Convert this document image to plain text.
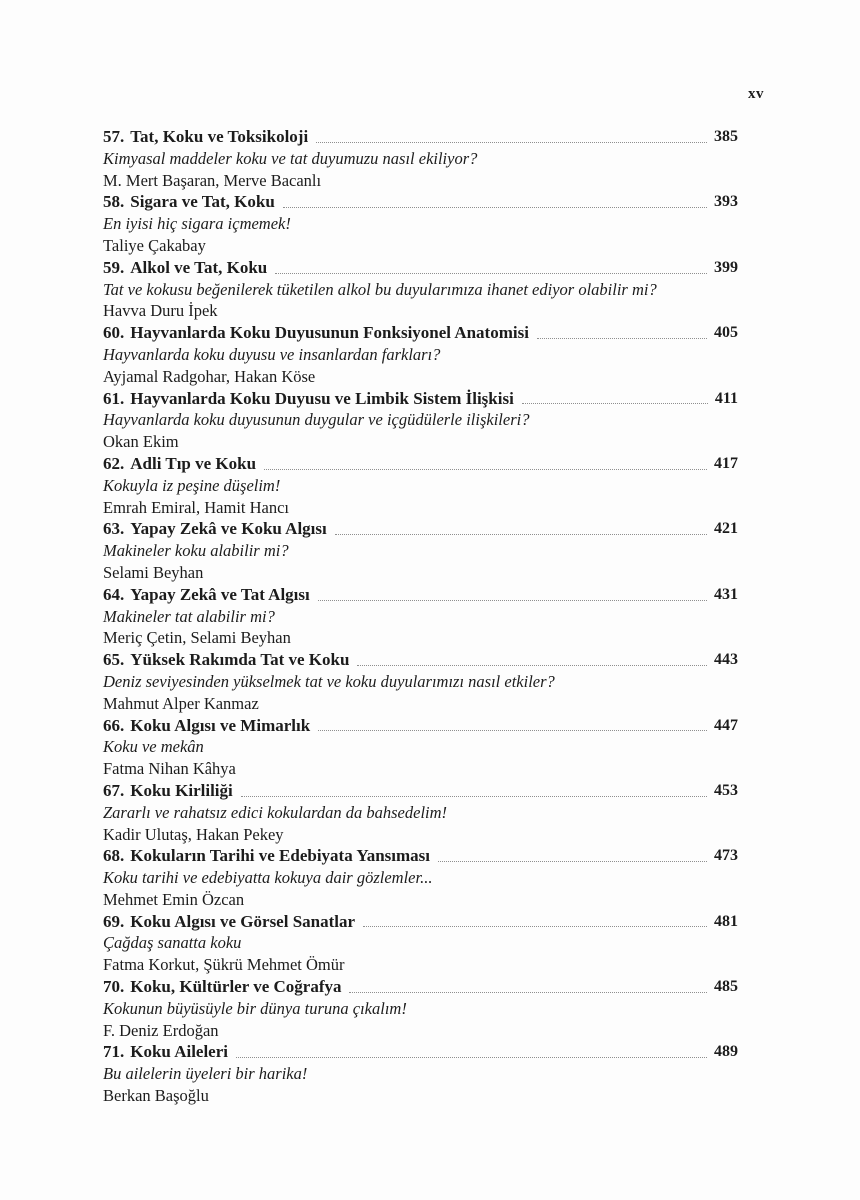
xv
57. Tat, Koku ve Toksikoloji	385
Kimyasal maddeler koku ve tat duyumuzu nasıl ekiliyor?
M. Mert Başaran, Merve Bacanlı
58. Sigara ve Tat, Koku	393
En iyisi hiç sigara içmemek!
Taliye Çakabay
59. Alkol ve Tat, Koku	399
Tat ve kokusu beğenilerek tüketilen alkol bu duyularımıza ihanet ediyor olabilir mi?
Havva Duru İpek
60. Hayvanlarda Koku Duyusunun Fonksiyonel Anatomisi	405
Hayvanlarda koku duyusu ve insanlardan farkları?
Ayjamal Radgohar, Hakan Köse
61. Hayvanlarda Koku Duyusu ve Limbik Sistem İlişkisi	411
Hayvanlarda koku duyusunun duygular ve içgüdülerle ilişkileri?
Okan Ekim
62. Adli Tıp ve Koku	417
Kokuyla iz peşine düşelim!
Emrah Emiral, Hamit Hancı
63. Yapay Zekâ ve Koku Algısı	421
Makineler koku alabilir mi?
Selami Beyhan
64. Yapay Zekâ ve Tat Algısı	431
Makineler tat alabilir mi?
Meriç Çetin, Selami Beyhan
65. Yüksek Rakımda Tat ve Koku	443
Deniz seviyesinden yükselmek tat ve koku duyularımızı nasıl etkiler?
Mahmut Alper Kanmaz
66. Koku Algısı ve Mimarlık	447
Koku ve mekân
Fatma Nihan Kâhya
67. Koku Kirliliği	453
Zararlı ve rahatsız edici kokulardan da bahsedelim!
Kadir Ulutaş, Hakan Pekey
68. Kokuların Tarihi ve Edebiyata Yansıması	473
Koku tarihi ve edebiyatta kokuya dair gözlemler...
Mehmet Emin Özcan
69. Koku Algısı ve Görsel Sanatlar	481
Çağdaş sanatta koku
Fatma Korkut, Şükrü Mehmet Ömür
70. Koku, Kültürler ve Coğrafya	485
Kokunun büyüsüyle bir dünya turuna çıkalım!
F. Deniz Erdoğan
71. Koku Aileleri	489
Bu ailelerin üyeleri bir harika!
Berkan Başoğlu
